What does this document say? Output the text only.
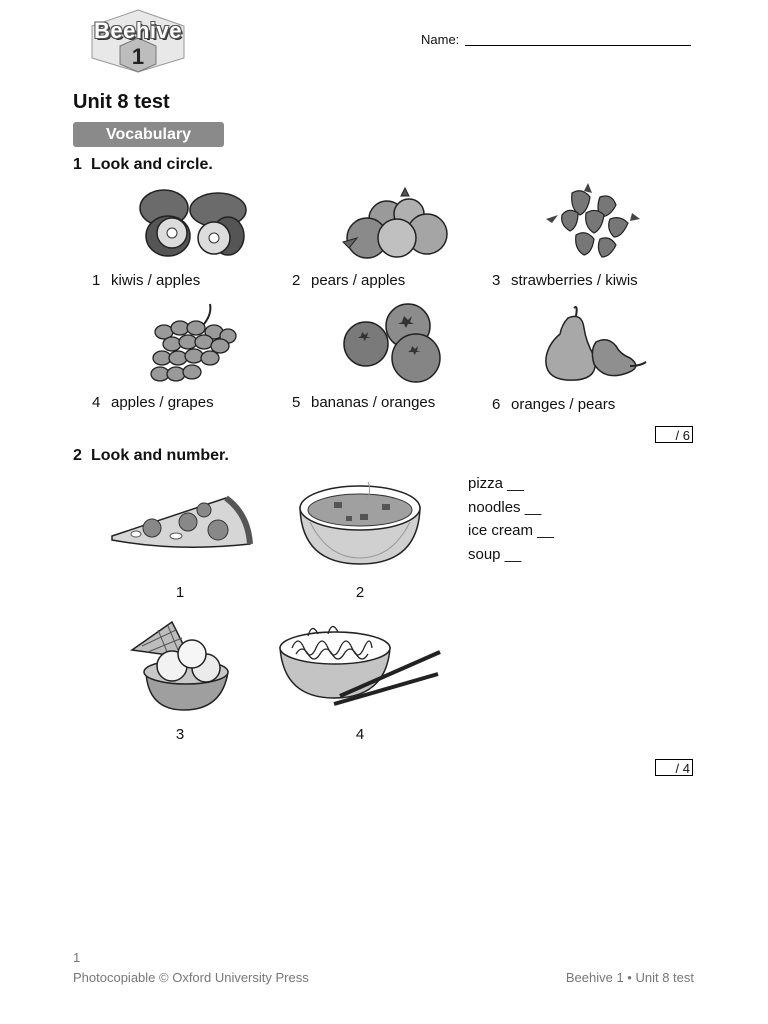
Beehive
1
Name:
Unit 8 test
Vocabulary
1 Look and circle.
1 kiwis / apples	2 pears / apples	3 strawberries / kiwis
4 apples / grapes	5 bananas / oranges	6 oranges / pears
/ 6
2 Look and number.
1	2
3	4
pizza __
noodles __
ice cream __
soup __
/ 4
1
Photocopiable © Oxford University Press	Beehive 1 • Unit 8 test
